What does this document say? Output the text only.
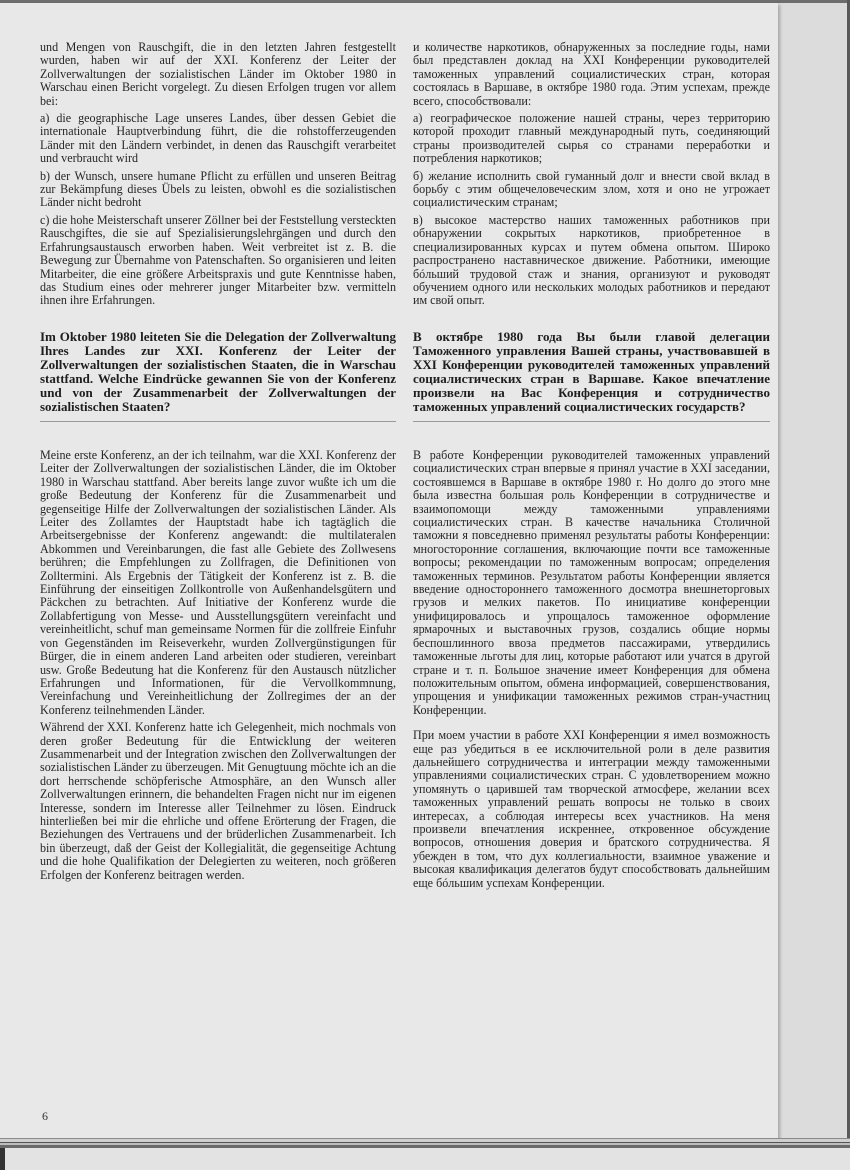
und Mengen von Rauschgift, die in den letzten Jahren festgestellt wurden, haben wir auf der XXI. Konferenz der Leiter der Zollverwaltungen der sozialistischen Länder im Oktober 1980 in Warschau einen Bericht vorgelegt. Zu diesen Erfolgen trugen vor allem bei:

a) die geographische Lage unseres Landes, über dessen Gebiet die internationale Hauptverbindung führt, die die rohstofferzeugenden Länder mit den Ländern verbindet, in denen das Rauschgift verarbeitet und verbraucht wird

b) der Wunsch, unsere humane Pflicht zu erfüllen und unseren Beitrag zur Bekämpfung dieses Übels zu leisten, obwohl es die sozialistischen Länder nicht bedroht

c) die hohe Meisterschaft unserer Zöllner bei der Feststellung versteckten Rauschgiftes, die sie auf Spezialisierungslehrgängen und durch den Erfahrungsaustausch erworben haben. Weit verbreitet ist z. B. die Bewegung zur Übernahme von Patenschaften. So organisieren und leiten Mitarbeiter, die eine größere Arbeitspraxis und gute Kenntnisse haben, das Studium eines oder mehrerer junger Mitarbeiter bzw. vermitteln ihnen ihre Erfahrungen.

Im Oktober 1980 leiteten Sie die Delegation der Zollverwaltung Ihres Landes zur XXI. Konferenz der Leiter der Zollverwaltungen der sozialistischen Staaten, die in Warschau stattfand. Welche Eindrücke gewannen Sie von der Konferenz und von der Zusammenarbeit der Zollverwaltungen der sozialistischen Staaten?

Meine erste Konferenz, an der ich teilnahm, war die XXI. Konferenz der Leiter der Zollverwaltungen der sozialistischen Länder, die im Oktober 1980 in Warschau stattfand. Aber bereits lange zuvor wußte ich um die große Bedeutung der Konferenz für die Zusammenarbeit und gegenseitige Hilfe der Zollverwaltungen der sozialistischen Länder. Als Leiter des Zollamtes der Hauptstadt habe ich tagtäglich die Arbeitsergebnisse der Konferenz angewandt: die multilateralen Abkommen und Vereinbarungen, die fast alle Gebiete des Zollwesens berühren; die Empfehlungen zu Zollfragen, die Definitionen von Zolltermini. Als Ergebnis der Tätigkeit der Konferenz ist z. B. die Einführung der einseitigen Zollkontrolle von Außenhandelsgütern und Päckchen zu betrachten. Auf Initiative der Konferenz wurde die Zollabfertigung von Messe- und Ausstellungsgütern vereinfacht und vereinheitlicht, schuf man gemeinsame Normen für die zollfreie Einfuhr von Gegenständen im Reiseverkehr, wurden Zollvergünstigungen für Bürger, die in einem anderen Land arbeiten oder studieren, vereinbart usw. Große Bedeutung hat die Konferenz für den Austausch nützlicher Erfahrungen und Informationen, für die Vervollkommnung, Vereinfachung und Vereinheitlichung der Zollregimes der an der Konferenz teilnehmenden Länder.

Während der XXI. Konferenz hatte ich Gelegenheit, mich nochmals von deren großer Bedeutung für die Entwicklung der weiteren Zusammenarbeit und der Integration zwischen den Zollverwaltungen der sozialistischen Länder zu überzeugen. Mit Genugtuung möchte ich an die dort herrschende schöpferische Atmosphäre, an den Wunsch aller Zollverwaltungen erinnern, die behandelten Fragen nicht nur im eigenen Interesse, sondern im Interesse aller Teilnehmer zu lösen. Eindruck hinterließen bei mir die ehrliche und offene Erörterung der Fragen, die Beziehungen des Vertrauens und der brüderlichen Zusammenarbeit. Ich bin überzeugt, daß der Geist der Kollegialität, die gegenseitige Achtung und die hohe Qualifikation der Delegierten zu weiteren, noch größeren Erfolgen der Konferenz beitragen werden.

и количестве наркотиков, обнаруженных за последние годы, нами был представлен доклад на XXI Конференции руководителей таможенных управлений социалистических стран, которая состоялась в Варшаве, в октябре 1980 года. Этим успехам, прежде всего, способствовали:

а) географическое положение нашей страны, через территорию которой проходит главный международный путь, соединяющий страны производителей сырья со странами переработки и потребления наркотиков;

б) желание исполнить свой гуманный долг и внести свой вклад в борьбу с этим общечеловеческим злом, хотя и оно не угрожает социалистическим странам;

в) высокое мастерство наших таможенных работников при обнаружении сокрытых наркотиков, приобретенное в специализированных курсах и путем обмена опытом. Широко распространено наставническое движение. Работники, имеющие бóльший трудовой стаж и знания, организуют и руководят обучением одного или нескольких молодых работников и передают им свой опыт.

В октябре 1980 года Вы были главой делегации Таможенного управления Вашей страны, участвовавшей в XXI Конференции руководителей таможенных управлений социалистических стран в Варшаве. Какое впечатление произвели на Вас Конференция и сотрудничество таможенных управлений социалистических государств?

В работе Конференции руководителей таможенных управлений социалистических стран впервые я принял участие в XXI заседании, состоявшемся в Варшаве в октябре 1980 г. Но долго до этого мне была известна большая роль Конференции в сотрудничестве и взаимопомощи между таможенными управлениями социалистических стран. В качестве начальника Столичной таможни я повседневно применял результаты работы Конференции: многосторонние соглашения, включающие почти все таможенные вопросы; рекомендации по таможенным вопросам; определения таможенных терминов. Результатом работы Конференции является введение одностороннего таможенного досмотра внешнеторговых грузов и мелких пакетов. По инициативе конференции унифицировалось и упрощалось таможенное оформление ярмарочных и выставочных грузов, создались общие нормы беспошлинного ввоза предметов пассажирами, утвердились таможенные льготы для лиц, которые работают или учатся в другой стране и т. п. Большое значение имеет Конференция для обмена положительным опытом, обмена информацией, совершенствования, упрощения и унификации таможенных режимов стран-участниц Конференции.

При моем участии в работе XXI Конференции я имел возможность еще раз убедиться в ее исключительной роли в деле развития дальнейшего сотрудничества и интеграции между таможенными управлениями социалистических стран. С удовлетворением можно упомянуть о царившей там творческой атмосфере, желании всех таможенных управлений решать вопросы не только в своих интересах, а соблюдая интересы всех участников. На меня произвели впечатления искреннее, откровенное обсуждение вопросов, отношения доверия и братского сотрудничества. Я убежден в том, что дух коллегиальности, взаимное уважение и высокая квалификация делегатов будут способствовать дальнейшим еще бóльшим успехам Конференции.

6
